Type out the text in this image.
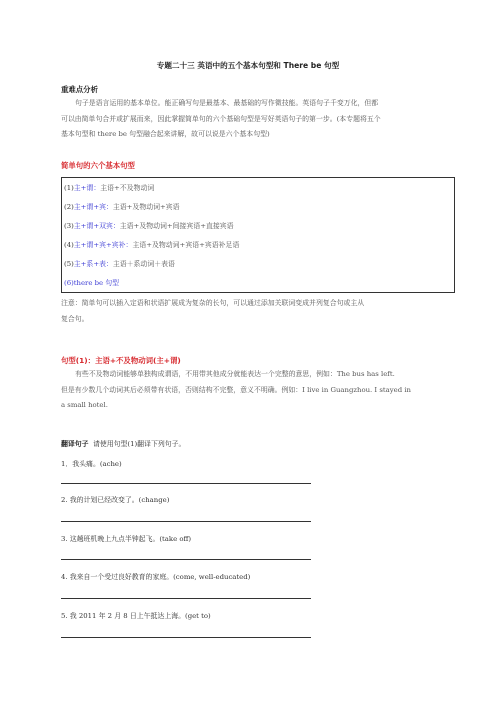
专题二十三 英语中的五个基本句型和 There be 句型
重难点分析
句子是语言运用的基本单位。能正确写句是最基本、最基础的写作微技能。英语句子千变万化，但都
可以由简单句合并或扩展而来，因此掌握简单句的六个基础句型是写好英语句子的第一步。(本专题将五个
基本句型和 there be 句型融合起来讲解，故可以说是六个基本句型)
简单句的六个基本句型
(1)主+谓：主语+不及物动词
(2)主+谓+宾：主语+及物动词+宾语
(3)主+谓+双宾：主语+及物动词+间接宾语+直接宾语
(4)主+谓+宾+宾补：主语+及物动词+宾语+宾语补足语
(5)主+系+表：主语＋系动词＋表语
(6)there be 句型
注意：简单句可以插入定语和状语扩展成为复杂的长句，可以通过添加关联词变成并列复合句或主从
复合句。
句型(1)：主语+不及物动词(主+谓)
有些不及物动词能够单独构成谓语，不用带其他成分就能表达一个完整的意思，例如：The bus has left.
但是有少数几个动词其后必须带有状语，否则结构不完整，意义不明确。例如：I live in Guangzhou. I stayed in
a small hotel.
翻译句子 请使用句型(1)翻译下列句子。
1．我头痛。(ache)
2. 我的计划已经改变了。(change)
3. 这趟班机晚上九点半钟起飞。(take off)
4. 我来自一个受过良好教育的家庭。(come, well-educated)
5. 我 2011 年 2 月 8 日上午抵达上海。(get to)
